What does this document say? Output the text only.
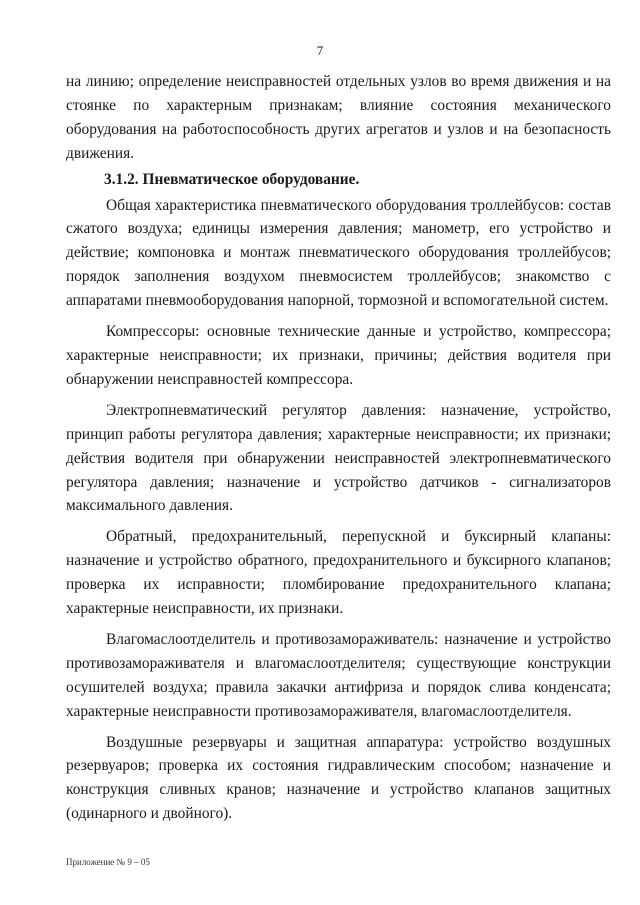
7

на линию; определение неисправностей отдельных узлов во время движения и на стоянке по характерным признакам; влияние состояния механического оборудования на работоспособность других агрегатов и узлов и на безопасность движения.

3.1.2. Пневматическое оборудование.

Общая характеристика пневматического оборудования троллейбусов: состав сжатого воздуха; единицы измерения давления; манометр, его устройство и действие; компоновка и монтаж пневматического оборудования троллейбусов; порядок заполнения воздухом пневмосистем троллейбусов; знакомство с аппаратами пневмооборудования напорной, тормозной и вспомогательной систем.

Компрессоры: основные технические данные и устройство, компрессора; характерные неисправности; их признаки, причины; действия водителя при обнаружении неисправностей компрессора.

Электропневматический регулятор давления: назначение, устройство, принцип работы регулятора давления; характерные неисправности; их признаки; действия водителя при обнаружении неисправностей электропневматического регулятора давления; назначение и устройство датчиков - сигнализаторов максимального давления.

Обратный, предохранительный, перепускной и буксирный клапаны: назначение и устройство обратного, предохранительного и буксирного клапанов; проверка их исправности; пломбирование предохранительного клапана; характерные неисправности, их признаки.

Влагомаслоотделитель и противозамораживатель: назначение и устройство противозамораживателя и влагомаслоотделителя; существующие конструкции осушителей воздуха; правила закачки антифриза и порядок слива конденсата; характерные неисправности противозамораживателя, влагомаслоотделителя.

Воздушные резервуары и защитная аппаратура: устройство воздушных резервуаров; проверка их состояния гидравлическим способом; назначение и конструкция сливных кранов; назначение и устройство клапанов защитных (одинарного и двойного).

Приложение № 9 – 05
